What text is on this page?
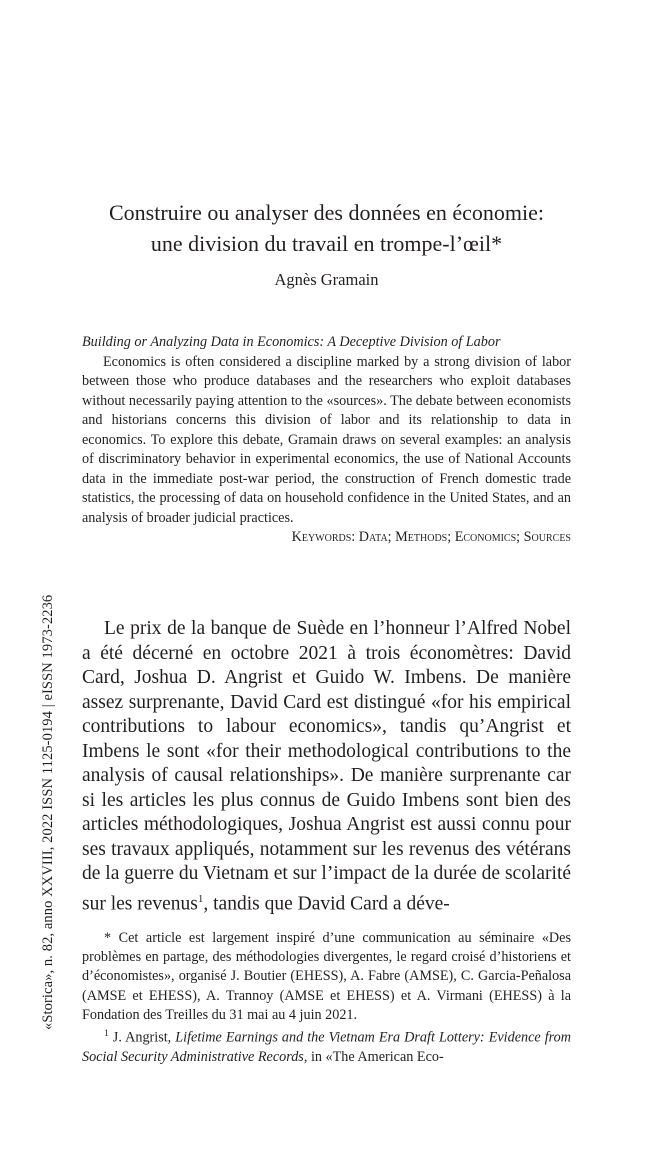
«Storica», n. 82, anno XXVIII, 2022 ISSN 1125-0194 | eISSN 1973-2236
Construire ou analyser des données en économie:
une division du travail en trompe-l’œil*
Agnès Gramain

Building or Analyzing Data in Economics: A Deceptive Division of Labor

Economics is often considered a discipline marked by a strong division of labor between those who produce databases and the researchers who exploit databases without necessarily paying attention to the «sources». The debate between economists and historians concerns this division of labor and its relationship to data in economics. To explore this debate, Gramain draws on several examples: an analysis of discriminatory behavior in experimental economics, the use of National Accounts data in the immediate post-war period, the construction of French domestic trade statistics, the processing of data on household confidence in the United States, and an analysis of broader judicial practices.

Keywords: Data; Methods; Economics; Sources

Le prix de la banque de Suède en l’honneur l’Alfred Nobel a été décerné en octobre 2021 à trois économètres: David Card, Joshua D. Angrist et Guido W. Imbens. De manière assez surprenante, David Card est distingué «for his empirical contributions to labour economics», tandis qu’Angrist et Imbens le sont «for their methodological contributions to the analysis of causal relationships». De manière surprenante car si les articles les plus connus de Guido Imbens sont bien des articles méthodologiques, Joshua Angrist est aussi connu pour ses travaux appliqués, notamment sur les revenus des vétérans de la guerre du Vietnam et sur l’impact de la durée de scolarité sur les revenus$^1$, tandis que David Card a déve-

* Cet article est largement inspiré d’une communication au séminaire «Des problèmes en partage, des méthodologies divergentes, le regard croisé d’historiens et d’économistes», organisé J. Boutier (EHESS), A. Fabre (AMSE), C. Garcia-Peñalosa (AMSE et EHESS), A. Trannoy (AMSE et EHESS) et A. Virmani (EHESS) à la Fondation des Treilles du 31 mai au 4 juin 2021.

$^1$ J. Angrist, Lifetime Earnings and the Vietnam Era Draft Lottery: Evidence from Social Security Administrative Records, in «The American Eco-
